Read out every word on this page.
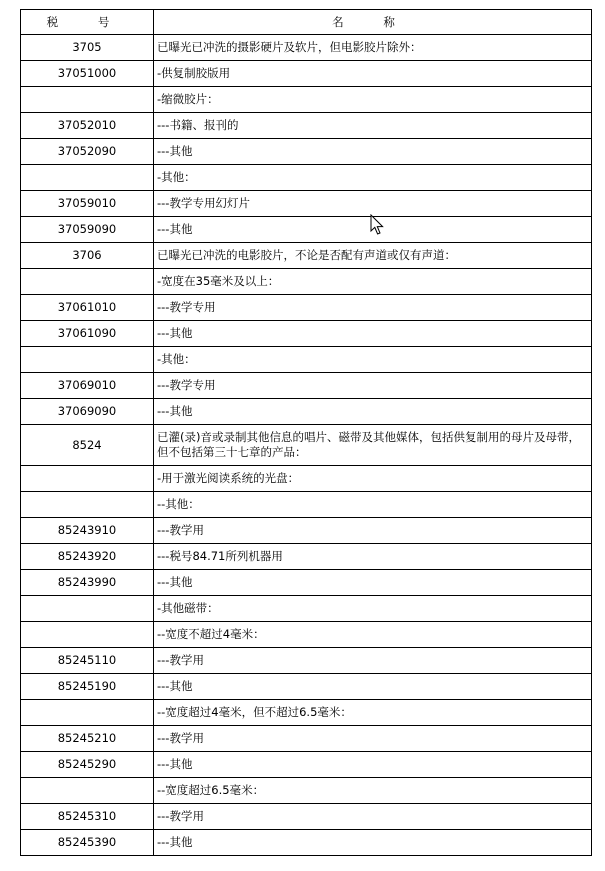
税 号	名 称
3705	已曝光已冲洗的摄影硬片及软片，但电影胶片除外：
37051000	-供复制胶版用
	-缩微胶片：
37052010	---书籍、报刊的
37052090	---其他
	-其他：
37059010	---教学专用幻灯片
37059090	---其他
3706	已曝光已冲洗的电影胶片，不论是否配有声道或仅有声道：
	-宽度在35毫米及以上：
37061010	---教学专用
37061090	---其他
	-其他：
37069010	---教学专用
37069090	---其他
8524	已灌(录)音或录制其他信息的唱片、磁带及其他媒体，包括供复制用的母片及母带，但不包括第三十七章的产品：
	-用于激光阅读系统的光盘：
	--其他：
85243910	---教学用
85243920	---税号84.71所列机器用
85243990	---其他
	-其他磁带：
	--宽度不超过4毫米：
85245110	---教学用
85245190	---其他
	--宽度超过4毫米，但不超过6.5毫米：
85245210	---教学用
85245290	---其他
	--宽度超过6.5毫米：
85245310	---教学用
85245390	---其他
